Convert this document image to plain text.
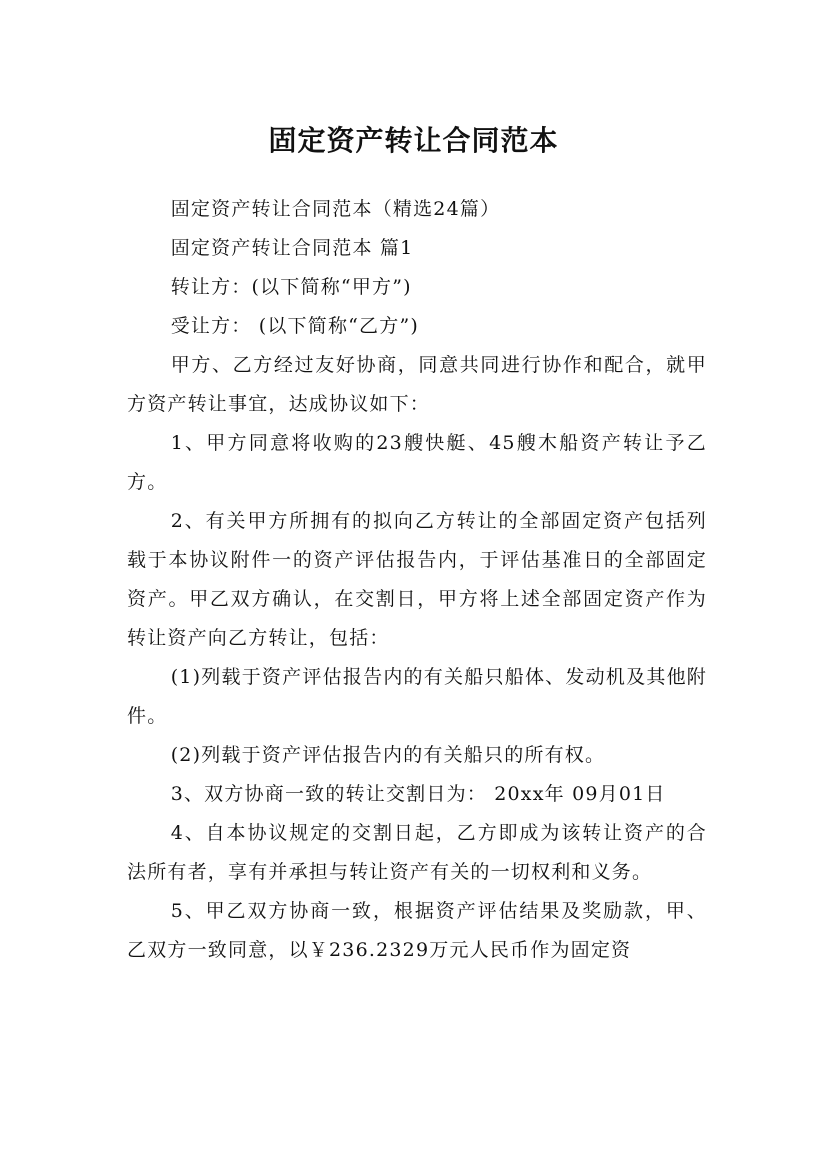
固定资产转让合同范本

固定资产转让合同范本（精选24篇）

固定资产转让合同范本 篇1

转让方：(以下简称“甲方”)

受让方： (以下简称“乙方”)

甲方、乙方经过友好协商，同意共同进行协作和配合，就甲方资产转让事宜，达成协议如下：

1、甲方同意将收购的23艘快艇、45艘木船资产转让予乙方。

2、有关甲方所拥有的拟向乙方转让的全部固定资产包括列载于本协议附件一的资产评估报告内，于评估基准日的全部固定资产。甲乙双方确认，在交割日，甲方将上述全部固定资产作为转让资产向乙方转让，包括：

(1)列载于资产评估报告内的有关船只船体、发动机及其他附件。

(2)列载于资产评估报告内的有关船只的所有权。

3、双方协商一致的转让交割日为： 20xx年 09月01日

4、自本协议规定的交割日起，乙方即成为该转让资产的合法所有者，享有并承担与转让资产有关的一切权利和义务。

5、甲乙双方协商一致，根据资产评估结果及奖励款，甲、乙双方一致同意，以￥236.2329万元人民币作为固定资
